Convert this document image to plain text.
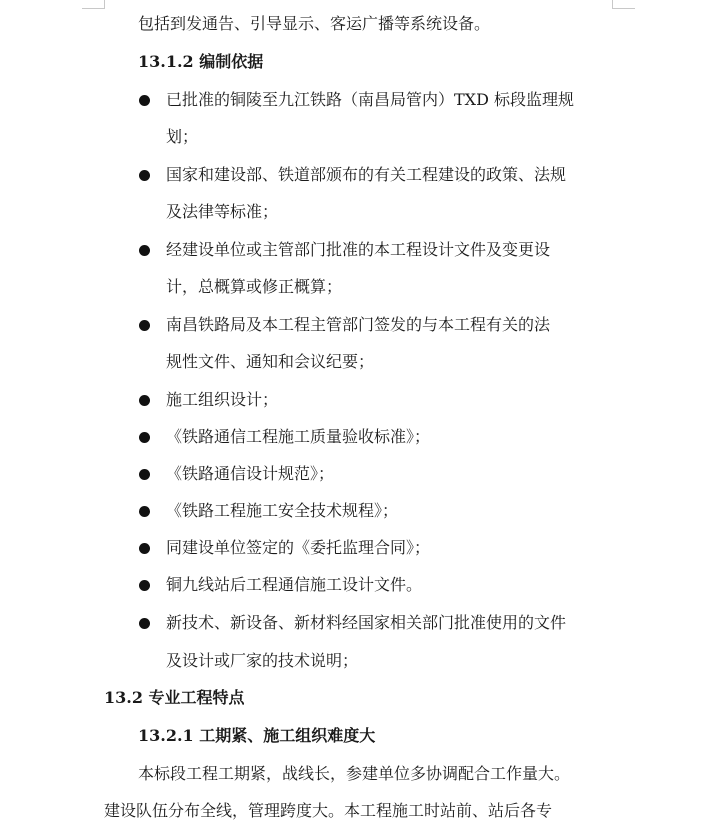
包括到发通告、引导显示、客运广播等系统设备。
13.1.2 编制依据
已批准的铜陵至九江铁路（南昌局管内）TXD 标段监理规
划；
国家和建设部、铁道部颁布的有关工程建设的政策、法规
及法律等标准；
经建设单位或主管部门批准的本工程设计文件及变更设
计，总概算或修正概算；
南昌铁路局及本工程主管部门签发的与本工程有关的法
规性文件、通知和会议纪要；
施工组织设计；
《铁路通信工程施工质量验收标准》；
《铁路通信设计规范》；
《铁路工程施工安全技术规程》；
同建设单位签定的《委托监理合同》；
铜九线站后工程通信施工设计文件。
新技术、新设备、新材料经国家相关部门批准使用的文件
及设计或厂家的技术说明；
13.2 专业工程特点
13.2.1 工期紧、施工组织难度大
本标段工程工期紧，战线长，参建单位多协调配合工作量大。
建设队伍分布全线，管理跨度大。本工程施工时站前、站后各专
